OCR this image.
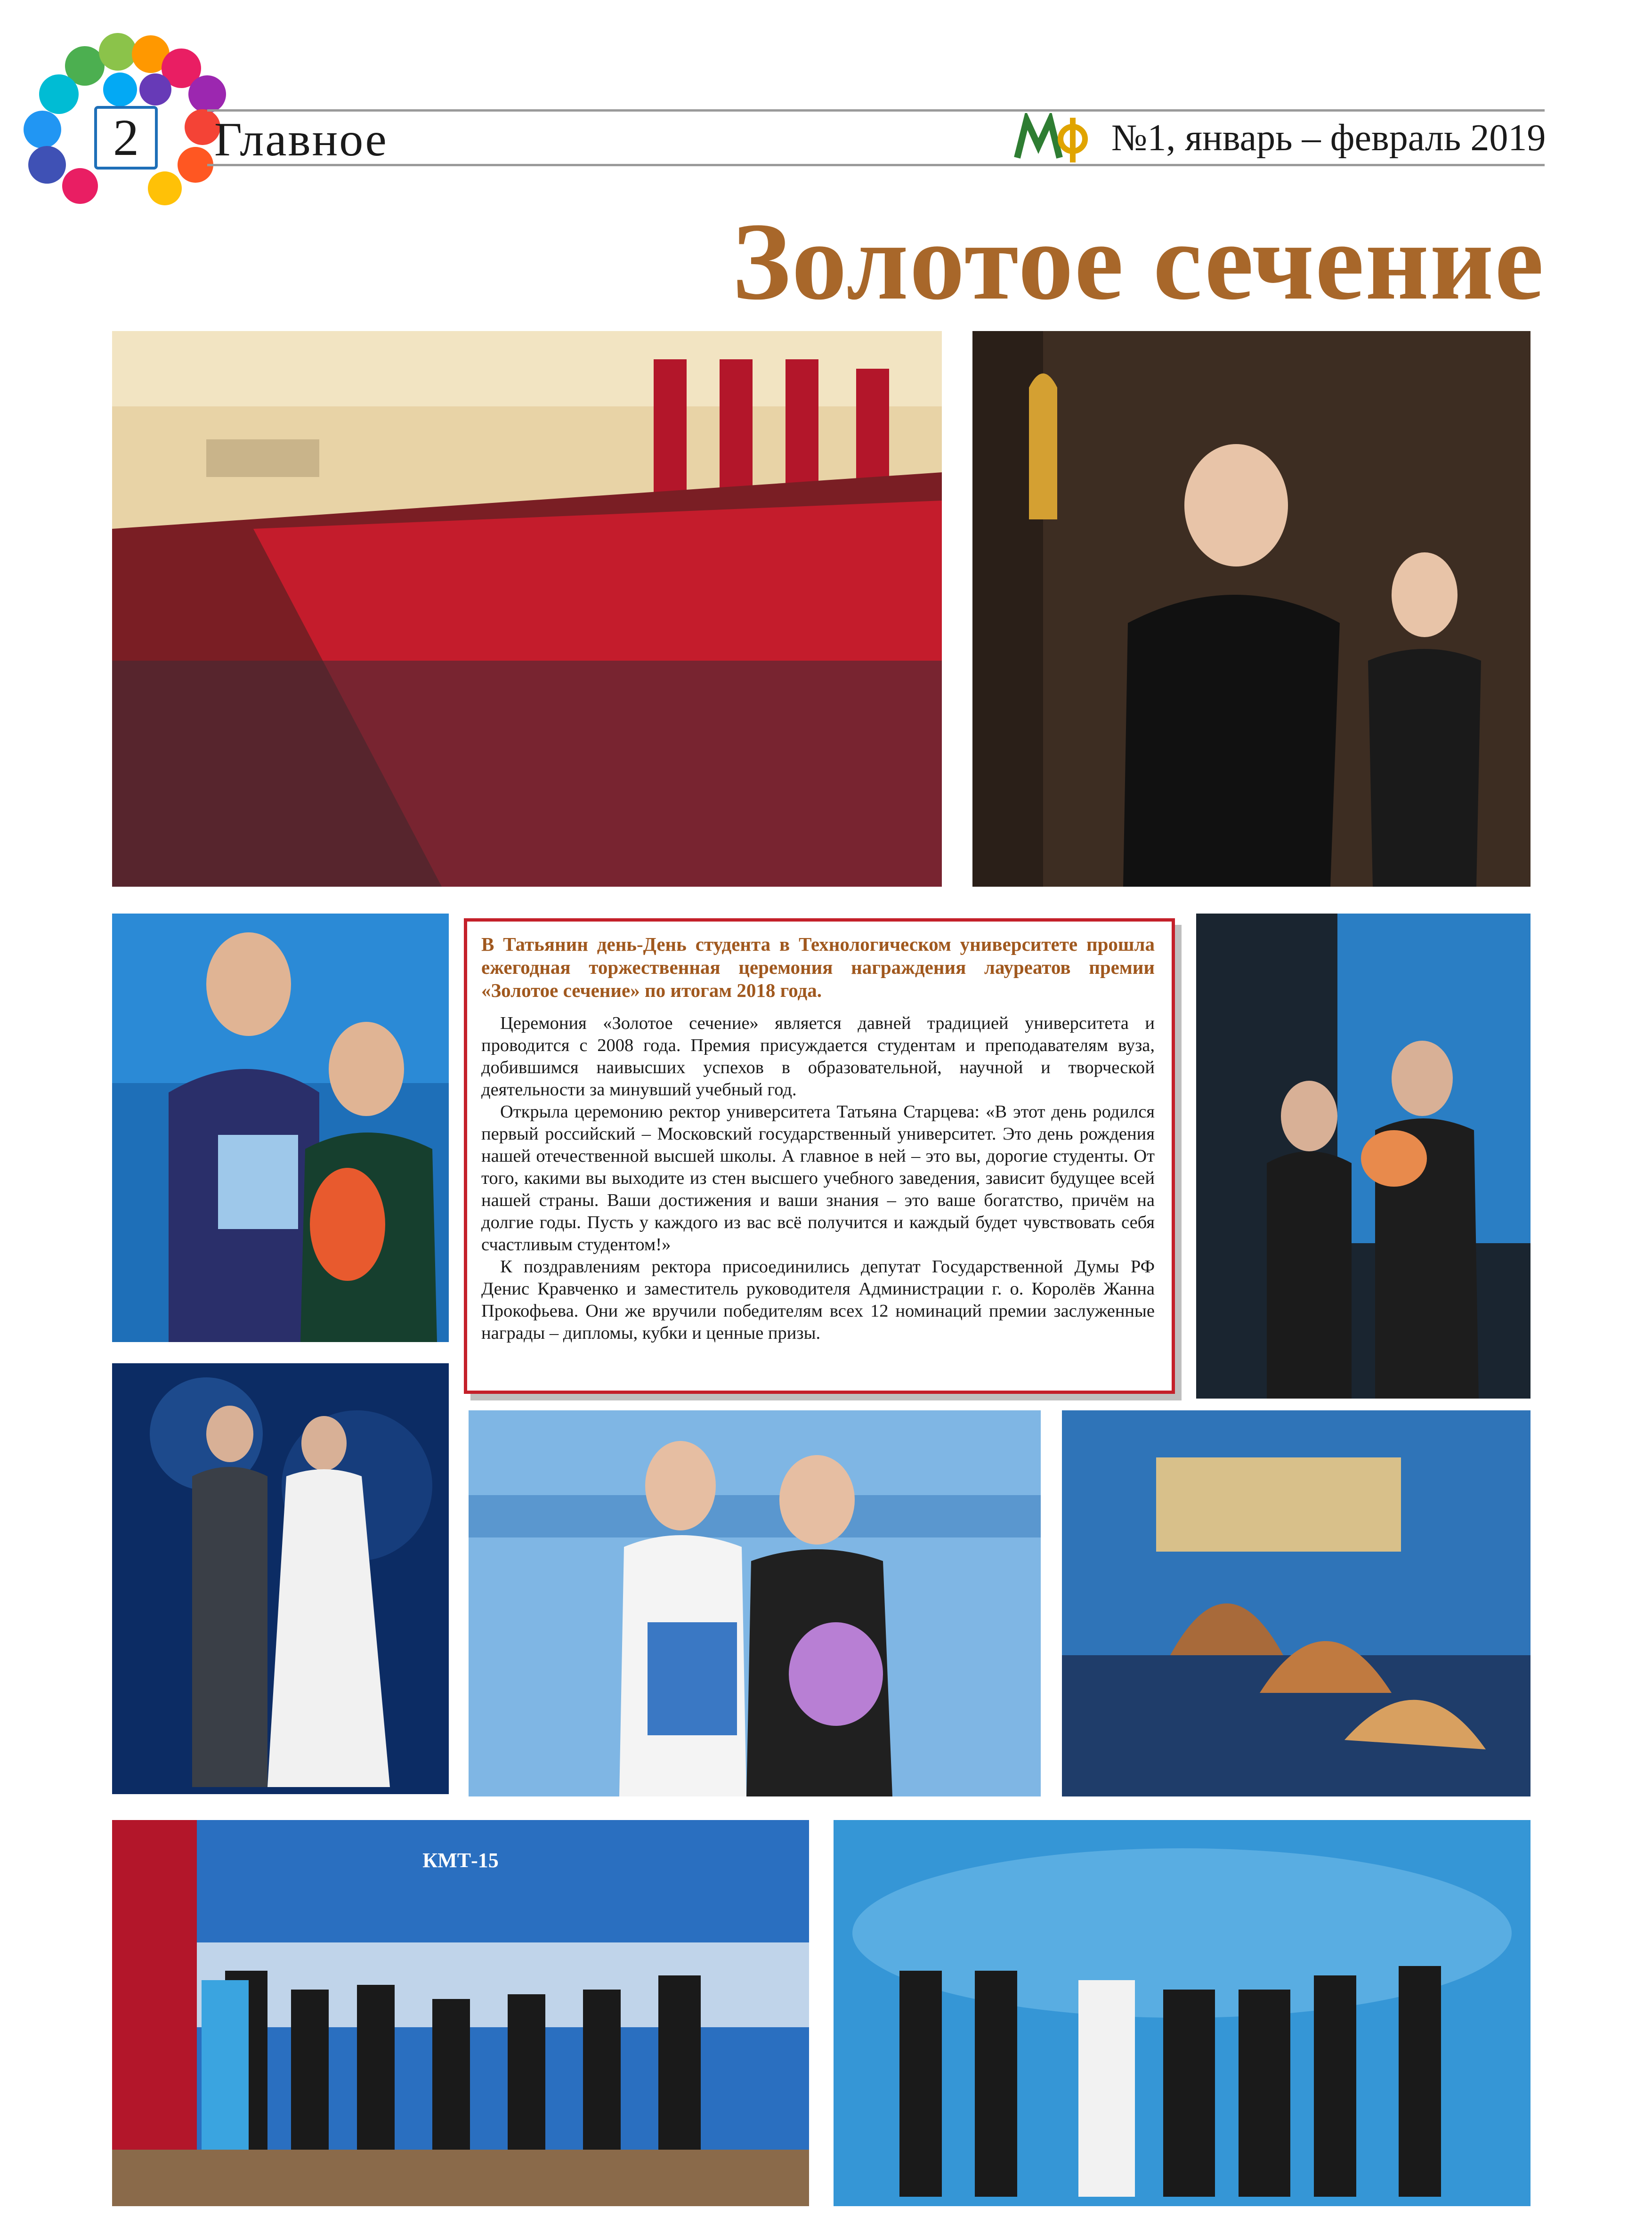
2	Главное	№1, январь – февраль 2019
Золотое сечение

В Татьянин день-День студента в Технологическом университете прошла ежегодная торжественная церемония награждения лауреатов премии «Золотое сечение» по итогам 2018 года.

Церемония «Золотое сечение» является давней традицией университета и проводится с 2008 года. Премия присуждается студентам и преподавателям вуза, добившимся наивысших успехов в образовательной, научной и творческой деятельности за минувший учебный год.

Открыла церемонию ректор университета Татьяна Старцева: «В этот день родился первый российский – Московский государственный университет. Это день рождения нашей отечественной высшей школы. А главное в ней – это вы, дорогие студенты. От того, какими вы выходите из стен высшего учебного заведения, зависит будущее всей нашей страны. Ваши достижения и ваши знания – это ваше богатство, причём на долгие годы. Пусть у каждого из вас всё получится и каждый будет чувствовать себя счастливым студентом!»

К поздравлениям ректора присоединились депутат Государственной Думы РФ Денис Кравченко и заместитель руководителя Администрации г. о. Королёв Жанна Прокофьева. Они же вручили победителям всех 12 номинаций премии заслуженные награды – дипломы, кубки и ценные призы.

КМТ-15
